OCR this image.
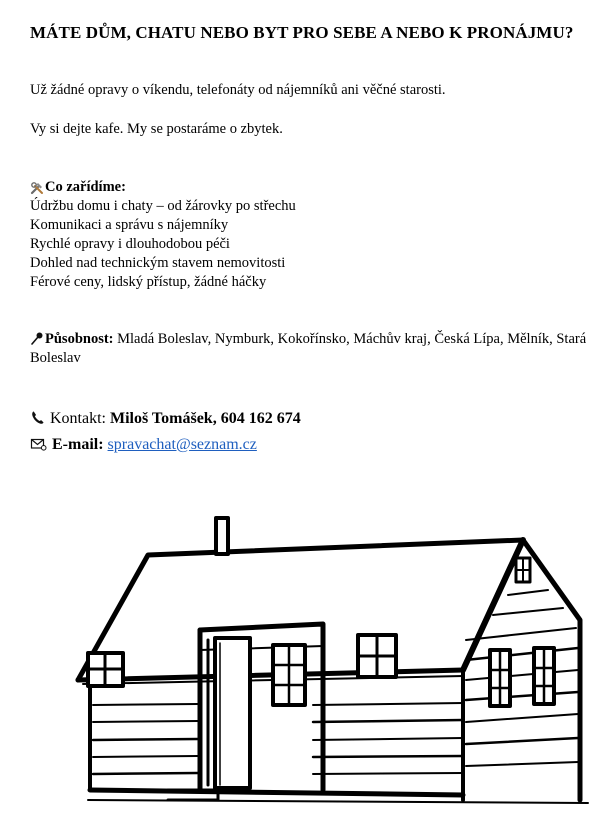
MÁTE DŮM, CHATU NEBO BYT PRO SEBE A NEBO K PRONÁJMU?
Už žádné opravy o víkendu, telefonáty od nájemníků ani věčné starosti.
Vy si dejte kafe. My se postaráme o zbytek.
Co zařídíme:
Údržbu domu i chaty – od žárovky po střechu
Komunikaci a správu s nájemníky
Rychlé opravy i dlouhodobou péči
Dohled nad technickým stavem nemovitosti
Férové ceny, lidský přístup, žádné háčky
Působnost: Mladá Boleslav, Nymburk, Kokořínsko, Máchův kraj, Česká Lípa, Mělník, Stará Boleslav
Kontakt: Miloš Tomášek, 604 162 674
E-mail: spravachat@seznam.cz
